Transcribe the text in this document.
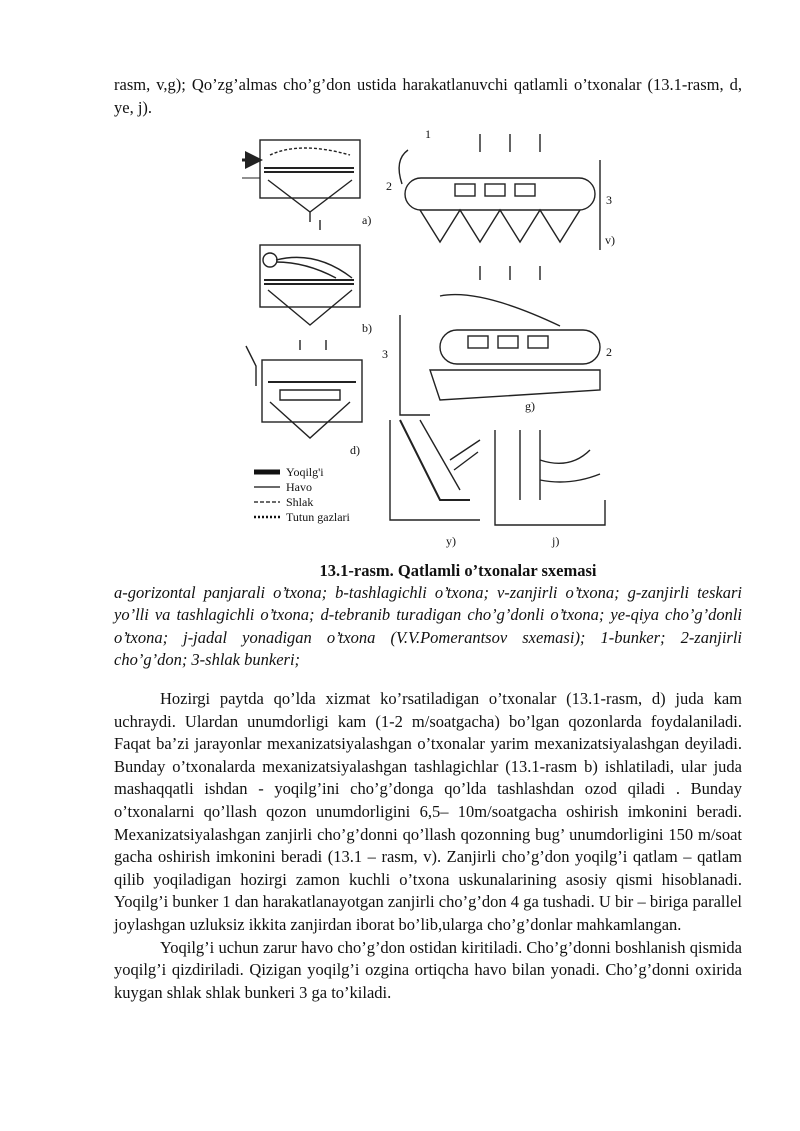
rasm, v,g); Qo’zg’almas cho’g’don ustida harakatlanuvchi qatlamli o’txonalar (13.1-rasm, d, ye, j).

a)
b)
d)
v)
g)
y)	j)
1
2
3
3	2
Yoqilg'i
Havo
Shlak
Tutun gazlari
13.1-rasm. Qatlamli o’txonalar sxemasi

a-gorizontal panjarali o’txona; b-tashlagichli o’txona; v-zanjirli o’txona; g-zanjirli teskari yo’lli va tashlagichli o’txona; d-tebranib turadigan cho’g’donli o’txona; ye-qiya cho’g’donli o’txona; j-jadal yonadigan o’txona (V.V.Pomerantsov sxemasi); 1-bunker; 2-zanjirli cho’g’don; 3-shlak bunkeri;

Hozirgi paytda qo’lda xizmat ko’rsatiladigan o’txonalar (13.1-rasm, d) juda kam uchraydi. Ulardan unumdorligi kam (1-2 m/soatgacha) bo’lgan qozonlarda foydalaniladi. Faqat ba’zi jarayonlar mexanizatsiyalashgan o’txonalar yarim mexanizatsiyalashgan deyiladi. Bunday o’txonalarda mexanizatsiyalashgan tashlagichlar (13.1-rasm b) ishlatiladi, ular juda mashaqqatli ishdan - yoqilg’ini cho’g’donga qo’lda tashlashdan ozod qiladi . Bunday o’txonalarni qo’llash qozon unumdorligini 6,5– 10m/soatgacha oshirish imkonini beradi. Mexanizatsiyalashgan zanjirli cho’g’donni qo’llash qozonning bug’ unumdorligini 150 m/soat gacha oshirish imkonini beradi (13.1 – rasm, v). Zanjirli cho’g’don yoqilg’i qatlam – qatlam qilib yoqiladigan hozirgi zamon kuchli o’txona uskunalarining asosiy qismi hisoblanadi. Yoqilg’i bunker 1 dan harakatlanayotgan zanjirli cho’g’don 4 ga tushadi. U bir – biriga parallel joylashgan uzluksiz ikkita zanjirdan iborat bo’lib,ularga cho’g’donlar mahkamlangan.

Yoqilg’i uchun zarur havo cho’g’don ostidan kiritiladi. Cho’g’donni boshlanish qismida yoqilg’i qizdiriladi. Qizigan yoqilg’i ozgina ortiqcha havo bilan yonadi. Cho’g’donni oxirida kuygan shlak shlak bunkeri 3 ga to’kiladi.
